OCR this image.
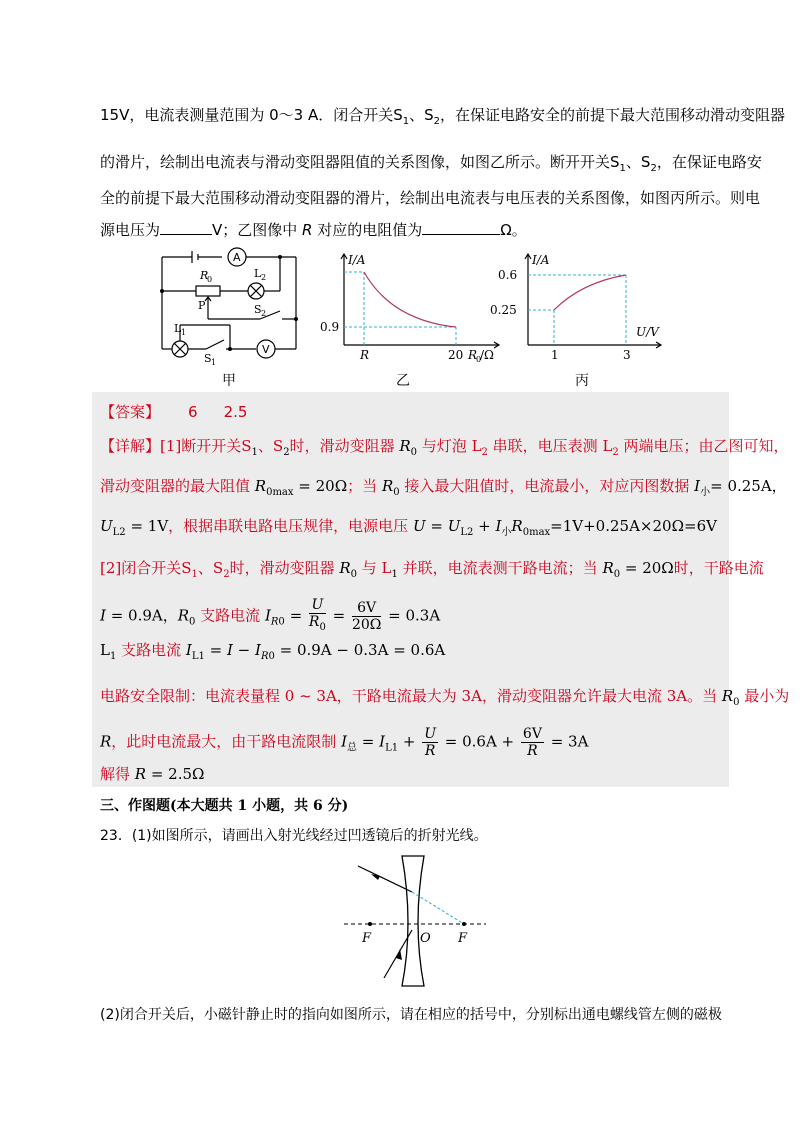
15V，电流表测量范围为 0～3 A．闭合开关$S_1$、$S_2$，在保证电路安全的前提下最大范围移动滑动变阻器
的滑片，绘制出电流表与滑动变阻器阻值的关系图像，如图乙所示。断开开关$S_1$、$S_2$，在保证电路安
全的前提下最大范围移动滑动变阻器的滑片，绘制出电流表与电压表的关系图像，如图丙所示。则电
源电压为	V；乙图像中 R 对应的电阻值为	Ω。
A
V
R
0
P
L 2
S 2
L 1
S 1
甲
I/A
0.9
R	20 R
0
/Ω
乙
I/A
0.6
0.25
1	3
U/V
丙
【答案】 6 2.5
【详解】[1]断开开关$S_1$、$S_2$时，滑动变阻器 $R_0$ 与灯泡 $L_2$ 串联，电压表测 $L_2$ 两端电压；由乙图可知，
滑动变阻器的最大阻值 $R_{0max} = 20\Omega$；当 $R_0$ 接入最大阻值时，电流最小，对应丙图数据 $I_小= 0.25A$，
$U_{L2} = 1V$，根据串联电路电压规律，电源电压 $U = U_{L2} + I_小R_{0max}=1V+0.25A\times 20\Omega=6V$
[2]闭合开关$S_1$、$S_2$时，滑动变阻器 $R_0$ 与 $L_1$ 并联，电流表测干路电流；当 $R_0 = 20\Omega$时，干路电流
I = 0.9A，$R_0$ 支路电流 $I_{R0} = \frac{U}{R_0} = \frac{6V}{20\Omega} = 0.3A$
$L_1$ 支路电流 $I_{L1} = I - I_{R0} = 0.9A - 0.3A = 0.6A$
电路安全限制：电流表量程 0 ~ 3A，干路电流最大为 3A，滑动变阻器允许最大电流 3A。当 $R_0$ 最小为
R，此时电流最大，由干路电流限制 $I_总 = I_{L1} + \frac{U}{R} = 0.6A + \frac{6V}{R} = 3A$
解得 R = 2.5Ω
三、作图题(本大题共 1 小题，共 6 分)
23．(1)如图所示，请画出入射光线经过凹透镜后的折射光线。
F	O F
(2)闭合开关后，小磁针静止时的指向如图所示，请在相应的括号中，分别标出通电螺线管左侧的磁极
